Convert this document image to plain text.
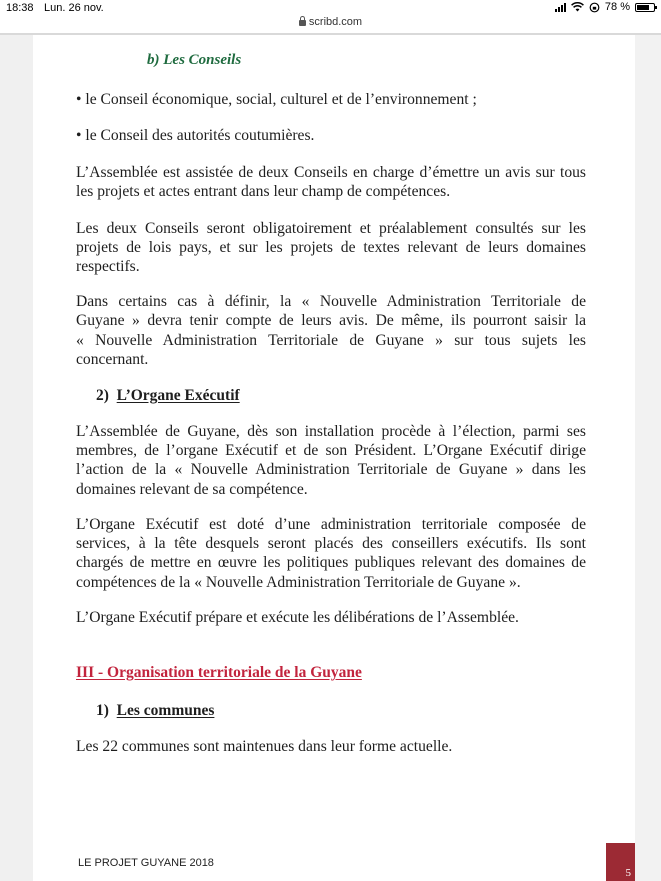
18:38 Lun. 26 nov.	78 %
scribd.com
b) Les Conseils
• le Conseil économique, social, culturel et de l’environnement ;
• le Conseil des autorités coutumières.
L’Assemblée est assistée de deux Conseils en charge d’émettre un avis sur tous
les projets et actes entrant dans leur champ de compétences.
Les deux Conseils seront obligatoirement et préalablement consultés sur les
projets de lois pays, et sur les projets de textes relevant de leurs domaines
respectifs.
Dans certains cas à définir, la « Nouvelle Administration Territoriale de
Guyane » devra tenir compte de leurs avis. De même, ils pourront saisir la
« Nouvelle Administration Territoriale de Guyane » sur tous sujets les
concernant.
2) L’Organe Exécutif
L’Assemblée de Guyane, dès son installation procède à l’élection, parmi ses
membres, de l’organe Exécutif et de son Président. L’Organe Exécutif dirige
l’action de la « Nouvelle Administration Territoriale de Guyane » dans les
domaines relevant de sa compétence.
L’Organe Exécutif est doté d’une administration territoriale composée de
services, à la tête desquels seront placés des conseillers exécutifs. Ils sont
chargés de mettre en œuvre les politiques publiques relevant des domaines de
compétences de la « Nouvelle Administration Territoriale de Guyane ».
L’Organe Exécutif prépare et exécute les délibérations de l’Assemblée.
III - Organisation territoriale de la Guyane
1) Les communes
Les 22 communes sont maintenues dans leur forme actuelle.
LE PROJET GUYANE 2018
5
